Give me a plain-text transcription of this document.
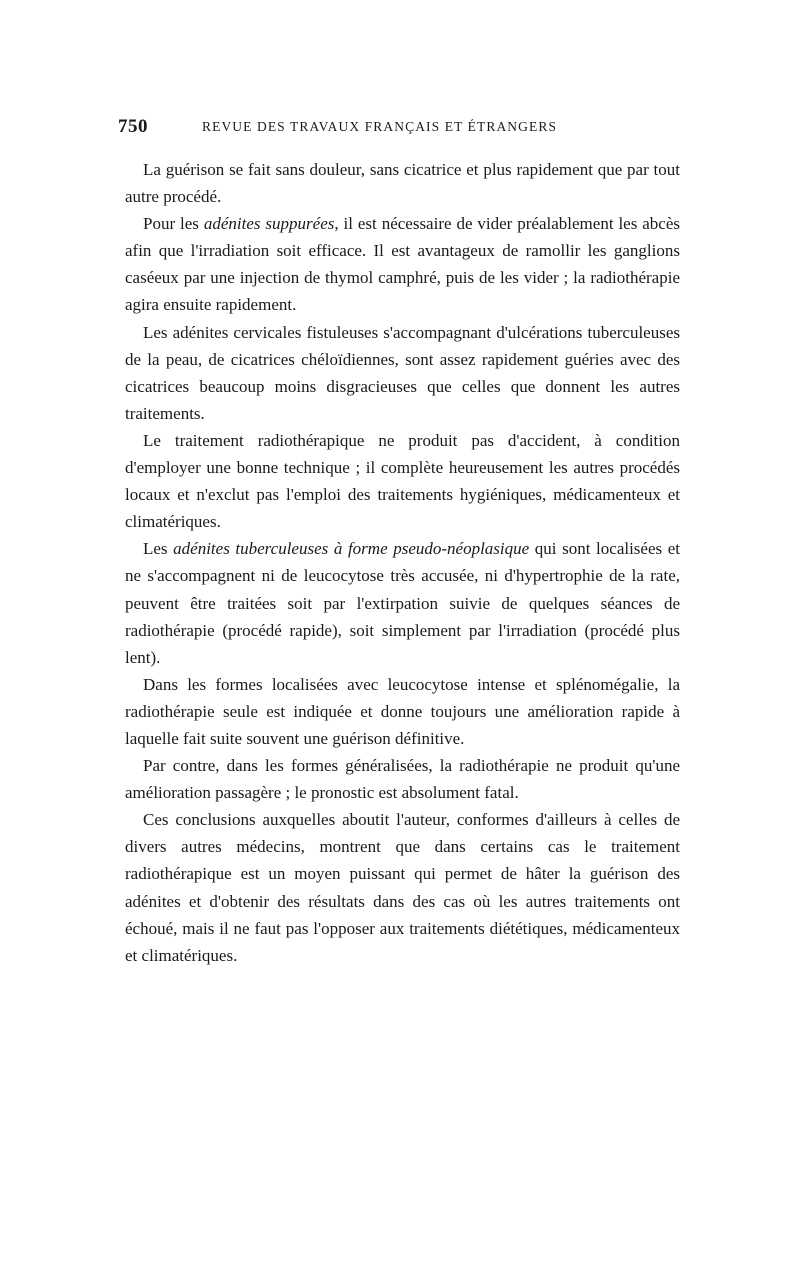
750	REVUE DES TRAVAUX FRANÇAIS ET ÉTRANGERS

La guérison se fait sans douleur, sans cicatrice et plus rapidement que par tout autre procédé.

Pour les adénites suppurées, il est nécessaire de vider préalablement les abcès afin que l'irradiation soit efficace. Il est avantageux de ramollir les ganglions caséeux par une injection de thymol camphré, puis de les vider ; la radiothérapie agira ensuite rapidement.

Les adénites cervicales fistuleuses s'accompagnant d'ulcérations tuberculeuses de la peau, de cicatrices chéloïdiennes, sont assez rapidement guéries avec des cicatrices beaucoup moins disgracieuses que celles que donnent les autres traitements.

Le traitement radiothérapique ne produit pas d'accident, à condition d'employer une bonne technique ; il complète heureusement les autres procédés locaux et n'exclut pas l'emploi des traitements hygiéniques, médicamenteux et climatériques.

Les adénites tuberculeuses à forme pseudo-néoplasique qui sont localisées et ne s'accompagnent ni de leucocytose très accusée, ni d'hypertrophie de la rate, peuvent être traitées soit par l'extirpation suivie de quelques séances de radiothérapie (procédé rapide), soit simplement par l'irradiation (procédé plus lent).

Dans les formes localisées avec leucocytose intense et splénomégalie, la radiothérapie seule est indiquée et donne toujours une amélioration rapide à laquelle fait suite souvent une guérison définitive.

Par contre, dans les formes généralisées, la radiothérapie ne produit qu'une amélioration passagère ; le pronostic est absolument fatal.

Ces conclusions auxquelles aboutit l'auteur, conformes d'ailleurs à celles de divers autres médecins, montrent que dans certains cas le traitement radiothérapique est un moyen puissant qui permet de hâter la guérison des adénites et d'obtenir des résultats dans des cas où les autres traitements ont échoué, mais il ne faut pas l'opposer aux traitements diététiques, médicamenteux et climatériques.
